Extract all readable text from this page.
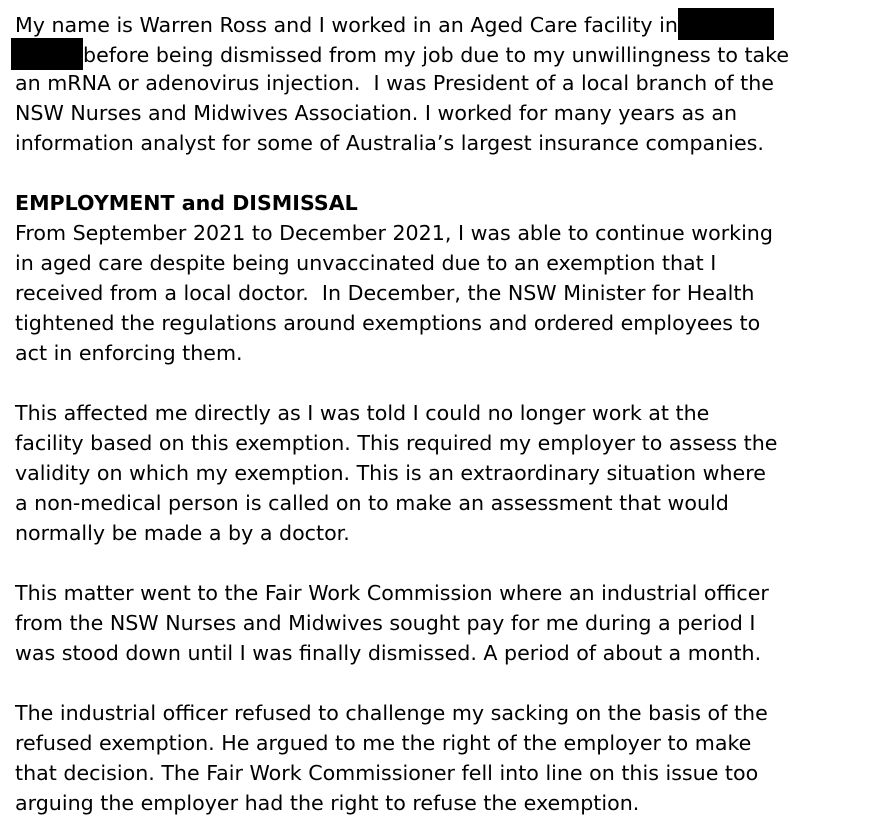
My name is Warren Ross and I worked in an Aged Care facility in
before being dismissed from my job due to my unwillingness to take
an mRNA or adenovirus injection.  I was President of a local branch of the
NSW Nurses and Midwives Association. I worked for many years as an
information analyst for some of Australia’s largest insurance companies.
EMPLOYMENT and DISMISSAL
From September 2021 to December 2021, I was able to continue working
in aged care despite being unvaccinated due to an exemption that I
received from a local doctor.  In December, the NSW Minister for Health
tightened the regulations around exemptions and ordered employees to
act in enforcing them.
This affected me directly as I was told I could no longer work at the
facility based on this exemption. This required my employer to assess the
validity on which my exemption. This is an extraordinary situation where
a non-medical person is called on to make an assessment that would
normally be made a by a doctor.
This matter went to the Fair Work Commission where an industrial officer
from the NSW Nurses and Midwives sought pay for me during a period I
was stood down until I was finally dismissed. A period of about a month.
The industrial officer refused to challenge my sacking on the basis of the
refused exemption. He argued to me the right of the employer to make
that decision. The Fair Work Commissioner fell into line on this issue too
arguing the employer had the right to refuse the exemption.
